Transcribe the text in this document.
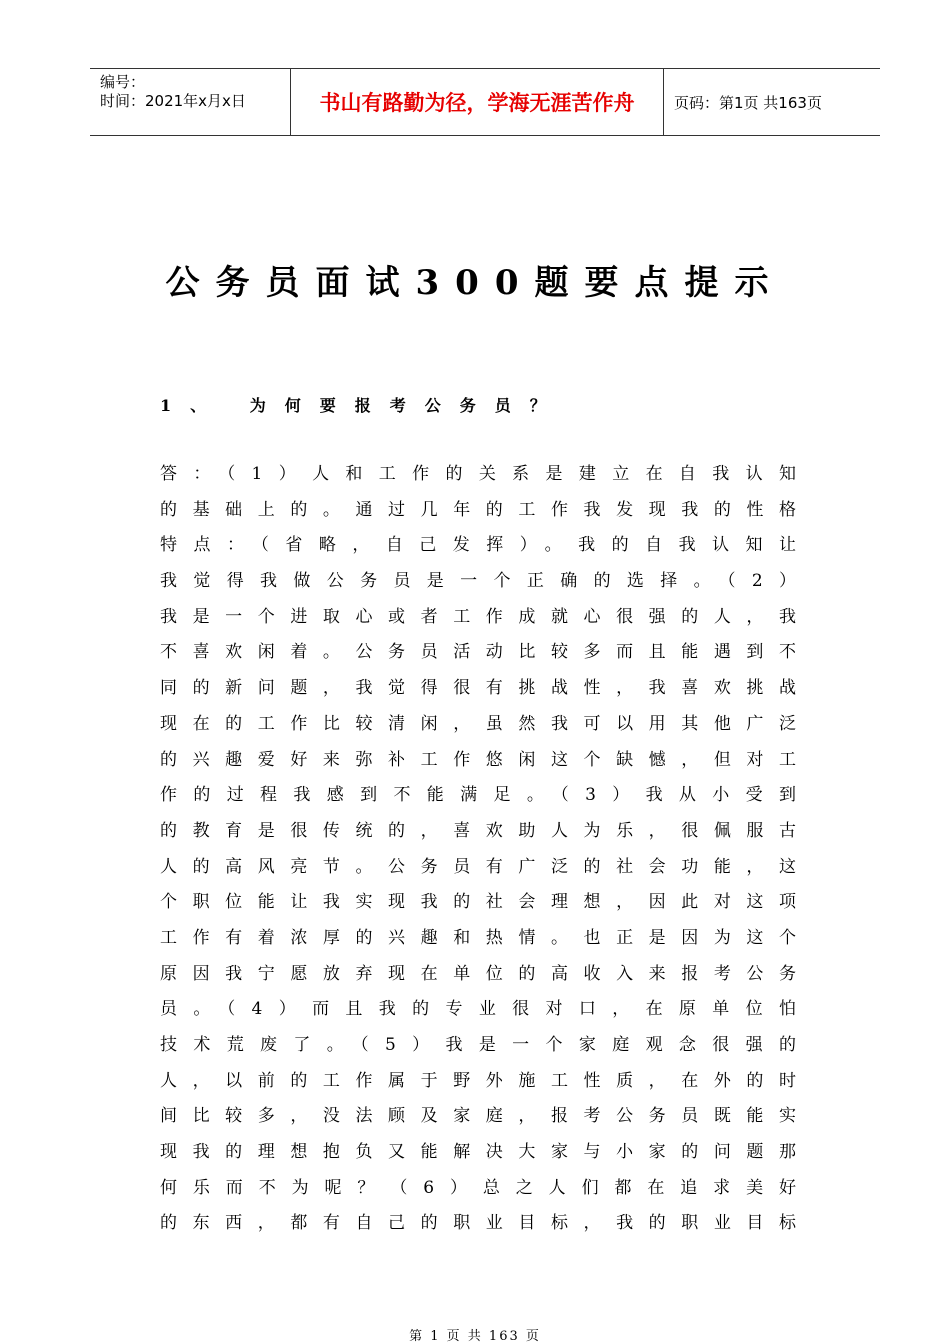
编号：
时间：2021年x月x日	书山有路勤为径，学海无涯苦作舟	页码：第1页 共163页
公务员面试300题要点提示
1、 为何要报考公务员？
答：（1）人和工作的关系是建立在自我认知
的基础上的。通过几年的工作我发现我的性格
特点：（省略，自己发挥）。我的自我认知让
我觉得我做公务员是一个正确的选择。（2）
我是一个进取心或者工作成就心很强的人，我
不喜欢闲着。公务员活动比较多而且能遇到不
同的新问题，我觉得很有挑战性，我喜欢挑战
现在的工作比较清闲，虽然我可以用其他广泛
的兴趣爱好来弥补工作悠闲这个缺憾，但对工
作的过程我感到不能满足。（3）我从小受到
的教育是很传统的，喜欢助人为乐，很佩服古
人的高风亮节。公务员有广泛的社会功能，这
个职位能让我实现我的社会理想，因此对这项
工作有着浓厚的兴趣和热情。也正是因为这个
原因我宁愿放弃现在单位的高收入来报考公务
员。（4）而且我的专业很对口，在原单位怕
技术荒废了。（5）我是一个家庭观念很强的
人，以前的工作属于野外施工性质，在外的时
间比较多，没法顾及家庭，报考公务员既能实
现我的理想抱负又能解决大家与小家的问题那
何乐而不为呢？（6）总之人们都在追求美好
的东西，都有自己的职业目标，我的职业目标
第 1 页 共 163 页
